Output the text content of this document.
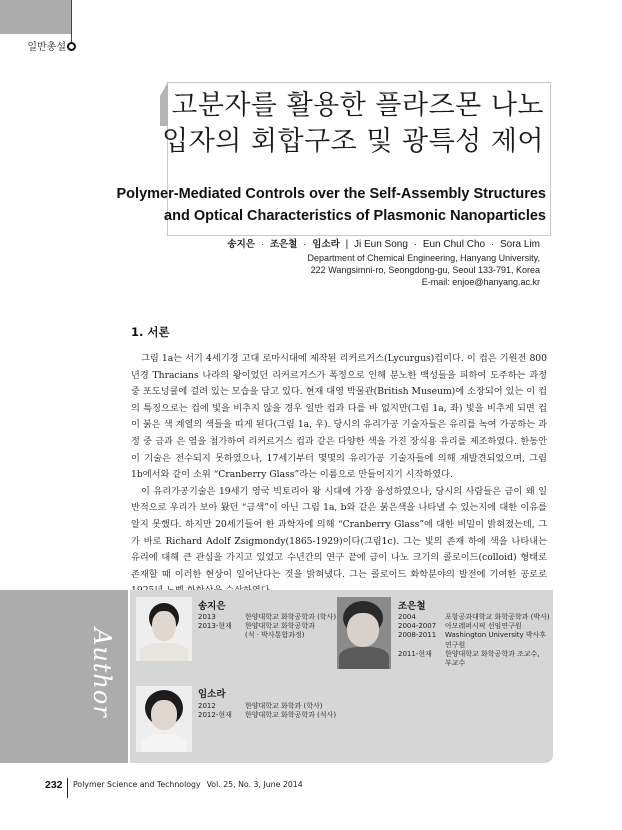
일반총설
고분자를 활용한 플라즈몬 나노
입자의 회합구조 및 광특성 제어
Polymer-Mediated Controls over the Self-Assembly Structures
and Optical Characteristics of Plasmonic Nanoparticles
송지은 · 조은철 · 임소라 | Ji Eun Song · Eun Chul Cho · Sora Lim
Department of Chemical Engineering, Hanyang University,
222 Wangsimni-ro, Seongdong-gu, Seoul 133-791, Korea
E-mail: enjoe@hanyang.ac.kr
1. 서론

그림 1a는 서기 4세기경 고대 로마시대에 제작된 리커르거스(Lycurgus)컵이다. 이 컵은 기원전 800년경 Thracians 나라의 왕이었던 리커르거스가 폭정으로 인해 분노한 백성들을 피하여 도주하는 과정 중 포도넝쿨에 걸려 있는 모습을 담고 있다. 현재 대영 박물관(British Museum)에 소장되어 있는 이 컵의 특징으로는 컵에 빛을 비추지 않을 경우 일반 컵과 다를 바 없지만(그림 1a, 좌) 빛을 비추게 되면 컵이 붉은 색 계열의 색들을 띠게 된다(그림 1a, 우). 당시의 유리가공 기술자들은 유리를 녹여 가공하는 과정 중 금과 은 염을 첨가하여 리커르거스 컵과 같은 다양한 색을 가진 장식용 유리를 제조하였다. 한동안 이 기술은 전수되지 못하였으나, 17세기부터 몇몇의 유리가공 기술자들에 의해 재발견되었으며, 그림 1b에서와 같이 소위 “Cranberry Glass”라는 이름으로 만들어지기 시작하였다.

이 유리가공기술은 19세기 영국 빅토리아 왕 시대에 가장 융성하였으나, 당시의 사람들은 금이 왜 일반적으로 우리가 보아 왔던 “금색”이 아닌 그림 1a, b와 같은 붉은색을 나타낼 수 있는지에 대한 이유를 알지 못했다. 하지만 20세기들어 한 과학자에 의해 “Cranberry Glass”에 대한 비밀이 밝혀졌는데, 그가 바로 Richard Adolf Zsigmondy(1865-1929)이다(그림1c). 그는 빛의 존재 하에 색을 나타내는 유리에 대해 큰 관심을 가지고 있었고 수년간의 연구 끝에 금이 나노 크기의 콜로이드(colloid) 형태로 존재할 때 이러한 현상이 일어난다는 것을 밝혀냈다. 그는 콜로이드 화학분야의 발전에 기여한 공로로

Author
송지은
2013	한양대학교 화학공학과 (학사)
2013-현재	한양대학교 화학공학과
	(석 · 박사통합과정)
임소라
2012	한양대학교 화학과 (학사)
2012-현재	한양대학교 화학공학과 (석사)
조은철
2004	포항공과대학교 화학공학과 (박사)
2004-2007	아모레퍼시픽 선임연구원
2008-2011	Washington University 박사후
	연구원
2011-현재	한양대학교 화학공학과 조교수,
	부교수
232 Polymer Science and Technology Vol. 25, No. 3, June 2014
